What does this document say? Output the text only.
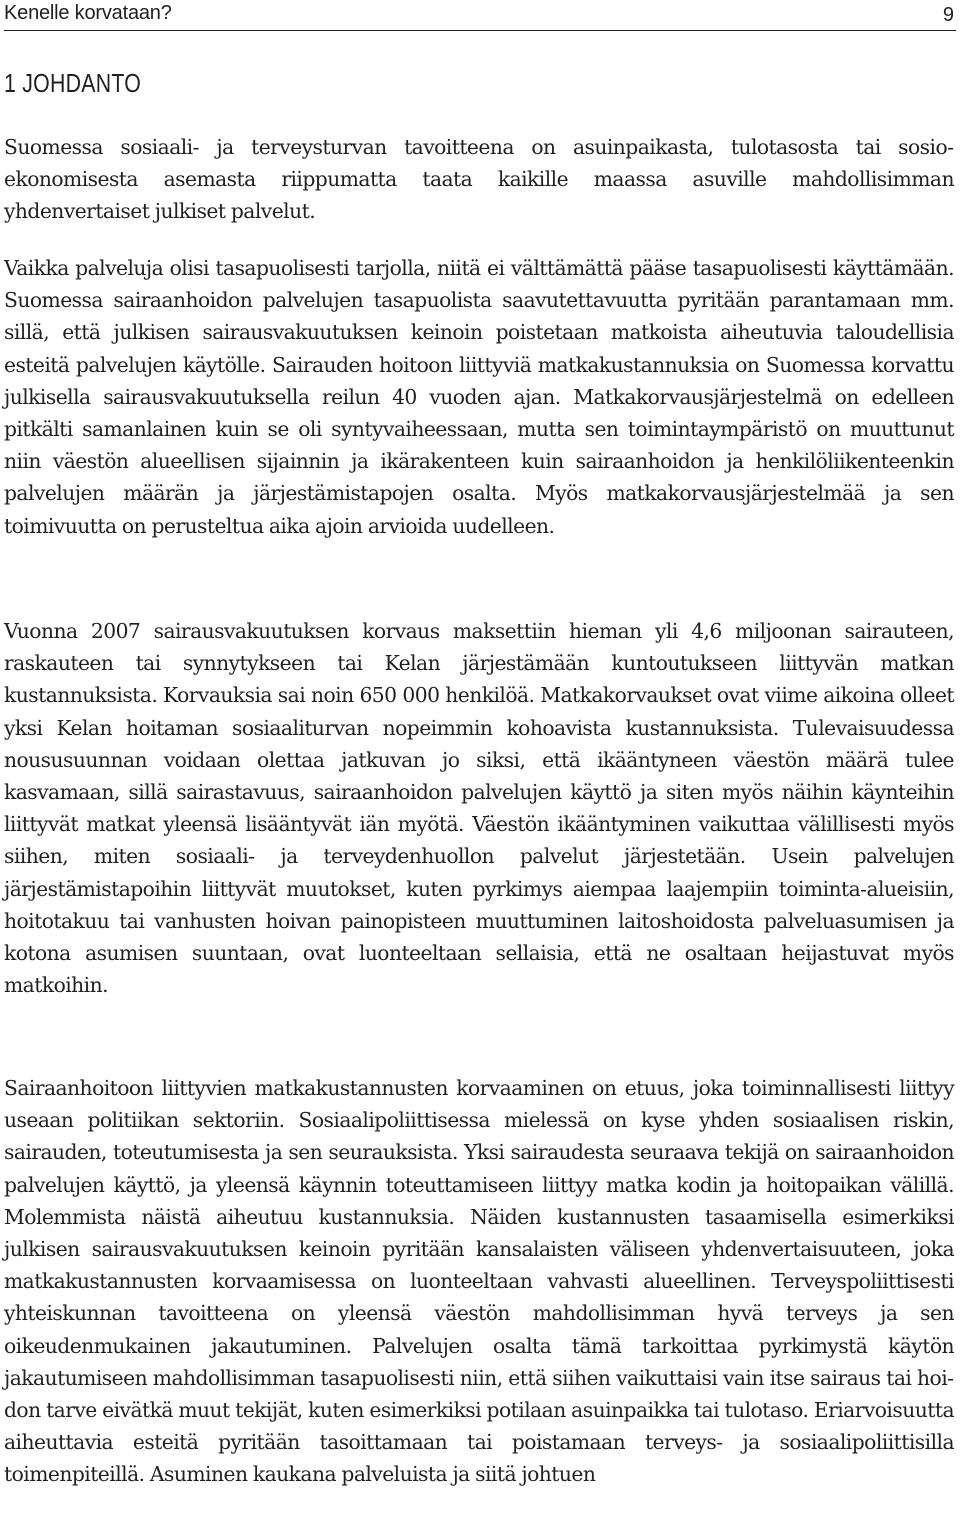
Kenelle korvataan?	9
1 JOHDANTO

Suomessa sosiaali- ja terveysturvan tavoitteena on asuinpaikasta, tulotasosta tai sosioekonomisesta asemasta riippumatta taata kaikille maassa asuville mahdollisimman yhdenvertaiset julkiset palvelut.

Vaikka palveluja olisi tasapuolisesti tarjolla, niitä ei välttämättä pääse tasapuolisesti käyttämään. Suomessa sairaanhoidon palvelujen tasapuolista saavutettavuutta pyritään parantamaan mm. sillä, että julkisen sairausvakuutuksen keinoin poistetaan matkoista aiheutuvia taloudellisia esteitä palvelujen käytölle. Sairauden hoitoon liittyviä matkakustannuksia on Suomessa korvattu julkisella sairausvakuutuksella reilun 40 vuoden ajan. Matkakorvausjärjestelmä on edelleen pitkälti samanlainen kuin se oli syntyvaiheessaan, mutta sen toimintaympäristö on muuttunut niin väestön alueellisen sijainnin ja ikärakenteen kuin sairaanhoidon ja henkilöliikenteenkin palvelujen määrän ja järjestämistapojen osalta. Myös matkakorvausjärjestelmää ja sen toimivuutta on perusteltua aika ajoin arvioida uudelleen.

Vuonna 2007 sairausvakuutuksen korvaus maksettiin hieman yli 4,6 miljoonan sairauteen, raskauteen tai synnytykseen tai Kelan järjestämään kuntoutukseen liittyvän matkan kustannuksista. Korvauksia sai noin 650 000 henkilöä. Matkakorvaukset ovat viime aikoina olleet yksi Kelan hoitaman sosiaaliturvan nopeimmin kohoavista kustannuksista. Tulevaisuudessa noususuunnan voidaan olettaa jatkuvan jo siksi, että ikääntyneen väestön määrä tulee kasvamaan, sillä sairastavuus, sairaanhoidon palvelujen käyttö ja siten myös näihin käynteihin liittyvät matkat yleensä lisääntyvät iän myötä. Väestön ikääntyminen vaikuttaa välillisesti myös siihen, miten sosiaali- ja terveydenhuollon palvelut järjestetään. Usein palvelujen järjestämistapoihin liittyvät muutokset, kuten pyrkimys aiempaa laajempiin toiminta-alueisiin, hoitotakuu tai vanhusten hoivan painopisteen muuttuminen laitoshoidosta palveluasumisen ja kotona asumisen suuntaan, ovat luonteeltaan sellaisia, että ne osaltaan heijastuvat myös matkoihin.

Sairaanhoitoon liittyvien matkakustannusten korvaaminen on etuus, joka toiminnallisesti liittyy useaan politiikan sektoriin. Sosiaalipoliittisessa mielessä on kyse yhden sosiaalisen riskin, sairauden, toteutumisesta ja sen seurauksista. Yksi sairaudesta seuraava tekijä on sairaanhoidon palvelujen käyttö, ja yleensä käynnin toteuttamiseen liittyy matka kodin ja hoitopaikan välillä. Molemmista näistä aiheutuu kustannuksia. Näiden kustannusten tasaamisella esimerkiksi julkisen sairausvakuutuksen keinoin pyritään kansalaisten väliseen yhdenvertaisuuteen, joka matkakustannusten korvaamisessa on luonteeltaan vahvasti alueellinen. Terveyspoliittisesti yhteiskunnan tavoitteena on yleensä väestön mahdollisimman hyvä terveys ja sen oikeudenmukainen jakautuminen. Palvelujen osalta tämä tarkoittaa pyrkimystä käytön jakautumiseen mahdollisimman tasapuolisesti niin, että siihen vaikuttaisi vain itse sairaus tai hoidon tarve eivätkä muut tekijät, kuten esimerkiksi potilaan asuinpaikka tai tulotaso. Eriarvoisuutta aiheuttavia esteitä pyritään tasoittamaan tai poistamaan terveys- ja sosiaalipoliittisilla toimenpiteillä. Asuminen kaukana palveluista ja siitä johtuen
